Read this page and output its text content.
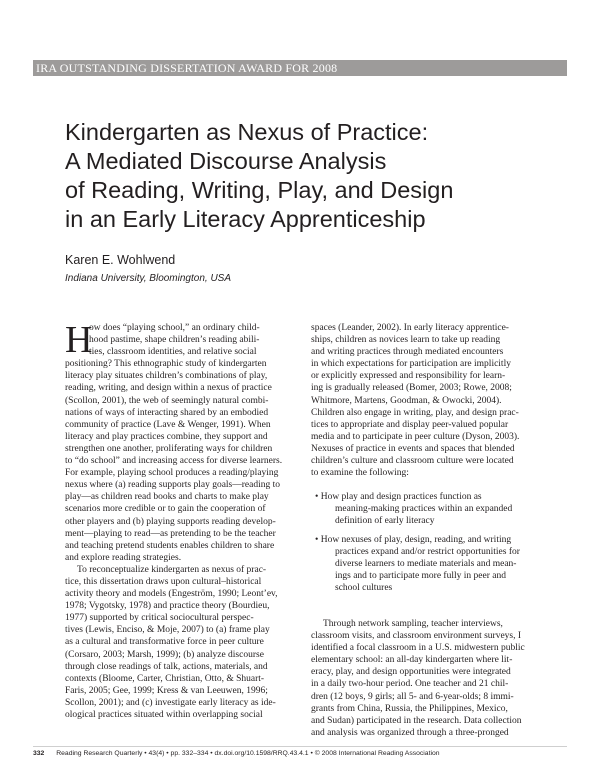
IRA OUTSTANDING DISSERTATION AWARD FOR 2008
Kindergarten as Nexus of Practice:
A Mediated Discourse Analysis
of Reading, Writing, Play, and Design
in an Early Literacy Apprenticeship
Karen E. Wohlwend
Indiana University, Bloomington, USA
H
ow does “playing school,” an ordinary child-
hood pastime, shape children’s reading abili-
ties, classroom identities, and relative social
positioning? This ethnographic study of kindergarten
literacy play situates children’s combinations of play,
reading, writing, and design within a nexus of practice
(Scollon, 2001), the web of seemingly natural combi-
nations of ways of interacting shared by an embodied
community of practice (Lave & Wenger, 1991). When
literacy and play practices combine, they support and
strengthen one another, proliferating ways for children
to “do school” and increasing access for diverse learners.
For example, playing school produces a reading/playing
nexus where (a) reading supports play goals—reading to
play—as children read books and charts to make play
scenarios more credible or to gain the cooperation of
other players and (b) playing supports reading develop-
ment—playing to read—as pretending to be the teacher
and teaching pretend students enables children to share
and explore reading strategies.
To reconceptualize kindergarten as nexus of prac-
tice, this dissertation draws upon cultural–historical
activity theory and models (Engeström, 1990; Leont’ev,
1978; Vygotsky, 1978) and practice theory (Bourdieu,
1977) supported by critical sociocultural perspec-
tives (Lewis, Enciso, & Moje, 2007) to (a) frame play
as a cultural and transformative force in peer culture
(Corsaro, 2003; Marsh, 1999); (b) analyze discourse
through close readings of talk, actions, materials, and
contexts (Bloome, Carter, Christian, Otto, & Shuart-
Faris, 2005; Gee, 1999; Kress & van Leeuwen, 1996;
Scollon, 2001); and (c) investigate early literacy as ide-
ological practices situated within overlapping social
spaces (Leander, 2002). In early literacy apprentice-
ships, children as novices learn to take up reading
and writing practices through mediated encounters
in which expectations for participation are implicitly
or explicitly expressed and responsibility for learn-
ing is gradually released (Bomer, 2003; Rowe, 2008;
Whitmore, Martens, Goodman, & Owocki, 2004).
Children also engage in writing, play, and design prac-
tices to appropriate and display peer-valued popular
media and to participate in peer culture (Dyson, 2003).
Nexuses of practice in events and spaces that blended
children’s culture and classroom culture were located
to examine the following:
• How play and design practices function as
meaning-making practices within an expanded
definition of early literacy
• How nexuses of play, design, reading, and writing
practices expand and/or restrict opportunities for
diverse learners to mediate materials and mean-
ings and to participate more fully in peer and
school cultures
Through network sampling, teacher interviews,
classroom visits, and classroom environment surveys, I
identified a focal classroom in a U.S. midwestern public
elementary school: an all-day kindergarten where lit-
eracy, play, and design opportunities were integrated
in a daily two-hour period. One teacher and 21 chil-
dren (12 boys, 9 girls; all 5- and 6-year-olds; 8 immi-
grants from China, Russia, the Philippines, Mexico,
and Sudan) participated in the research. Data collection
and analysis was organized through a three-pronged
332 Reading Research Quarterly • 43(4) • pp. 332–334 • dx.doi.org/10.1598/RRQ.43.4.1 • © 2008 International Reading Association
